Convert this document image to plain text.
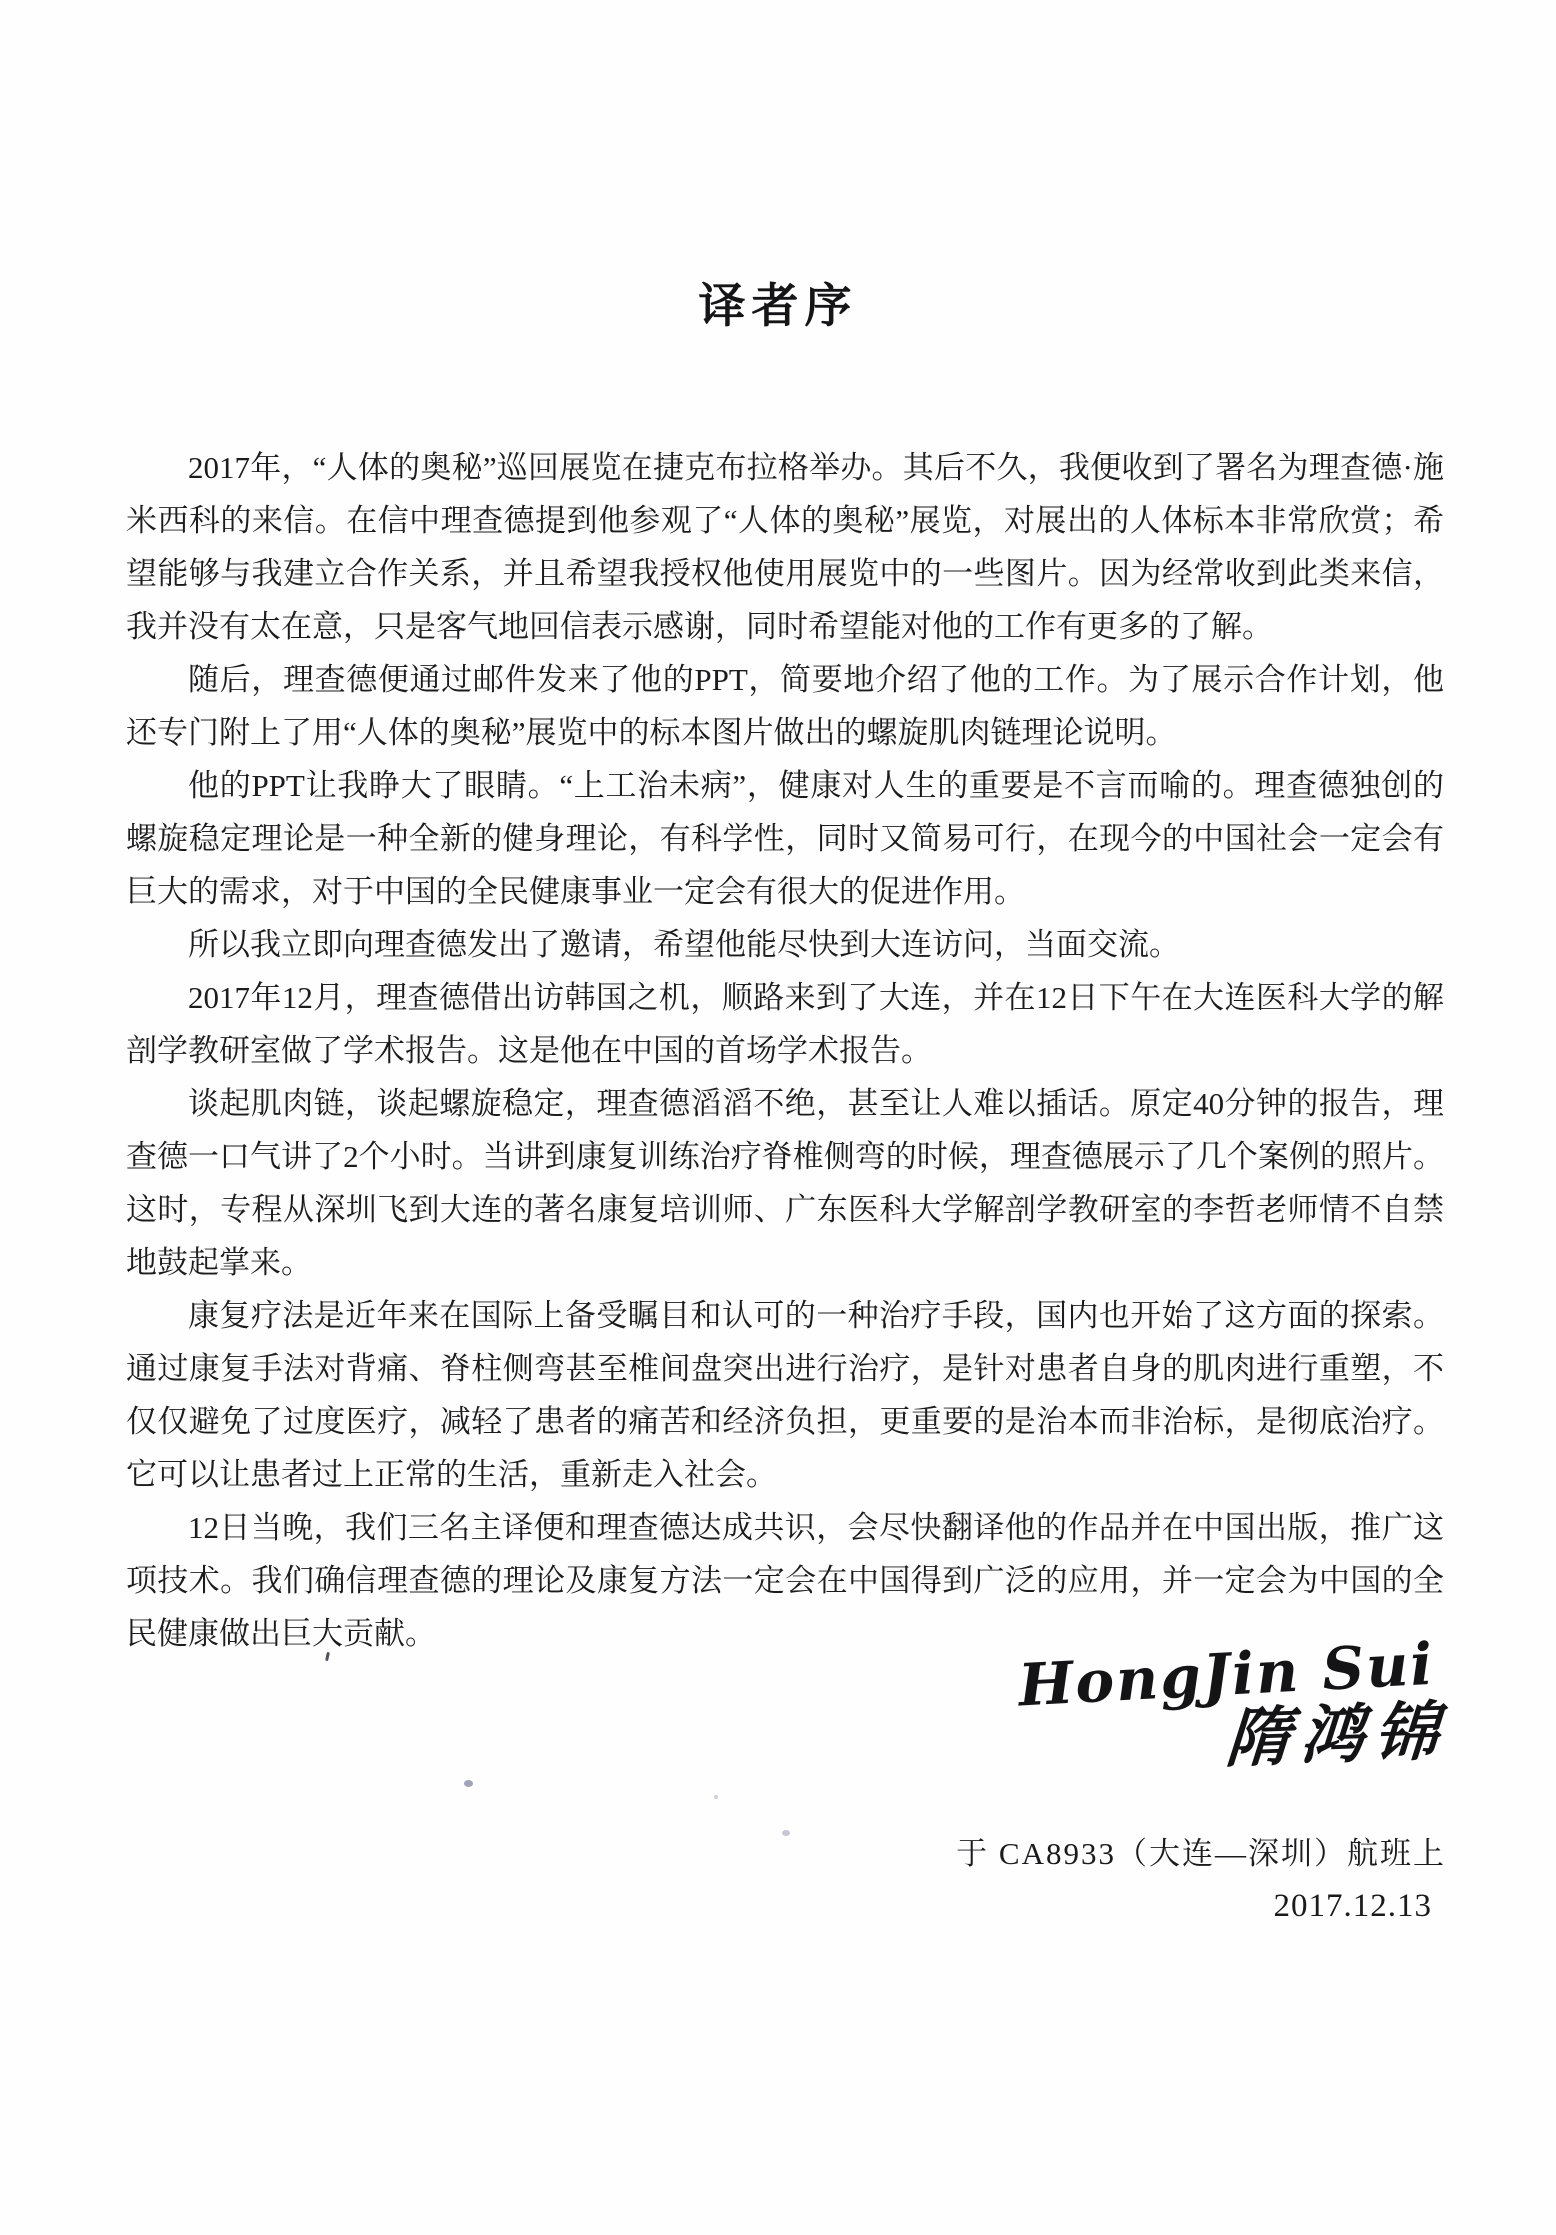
译者序

2017年，“人体的奥秘”巡回展览在捷克布拉格举办。其后不久，我便收到了署名为理查德·施米西科的来信。在信中理查德提到他参观了“人体的奥秘”展览，对展出的人体标本非常欣赏；希望能够与我建立合作关系，并且希望我授权他使用展览中的一些图片。因为经常收到此类来信，我并没有太在意，只是客气地回信表示感谢，同时希望能对他的工作有更多的了解。

随后，理查德便通过邮件发来了他的PPT，简要地介绍了他的工作。为了展示合作计划，他还专门附上了用“人体的奥秘”展览中的标本图片做出的螺旋肌肉链理论说明。

他的PPT让我睁大了眼睛。“上工治未病”，健康对人生的重要是不言而喻的。理查德独创的螺旋稳定理论是一种全新的健身理论，有科学性，同时又简易可行，在现今的中国社会一定会有巨大的需求，对于中国的全民健康事业一定会有很大的促进作用。

所以我立即向理查德发出了邀请，希望他能尽快到大连访问，当面交流。

2017年12月，理查德借出访韩国之机，顺路来到了大连，并在12日下午在大连医科大学的解剖学教研室做了学术报告。这是他在中国的首场学术报告。

谈起肌肉链，谈起螺旋稳定，理查德滔滔不绝，甚至让人难以插话。原定40分钟的报告，理查德一口气讲了2个小时。当讲到康复训练治疗脊椎侧弯的时候，理查德展示了几个案例的照片。这时，专程从深圳飞到大连的著名康复培训师、广东医科大学解剖学教研室的李哲老师情不自禁地鼓起掌来。

康复疗法是近年来在国际上备受瞩目和认可的一种治疗手段，国内也开始了这方面的探索。通过康复手法对背痛、脊柱侧弯甚至椎间盘突出进行治疗，是针对患者自身的肌肉进行重塑，不仅仅避免了过度医疗，减轻了患者的痛苦和经济负担，更重要的是治本而非治标，是彻底治疗。它可以让患者过上正常的生活，重新走入社会。

12日当晚，我们三名主译便和理查德达成共识，会尽快翻译他的作品并在中国出版，推广这项技术。我们确信理查德的理论及康复方法一定会在中国得到广泛的应用，并一定会为中国的全民健康做出巨大贡献。	HongJin Sui
隋鸿锦
于 CA8933（大连—深圳）航班上
2017.12.13
